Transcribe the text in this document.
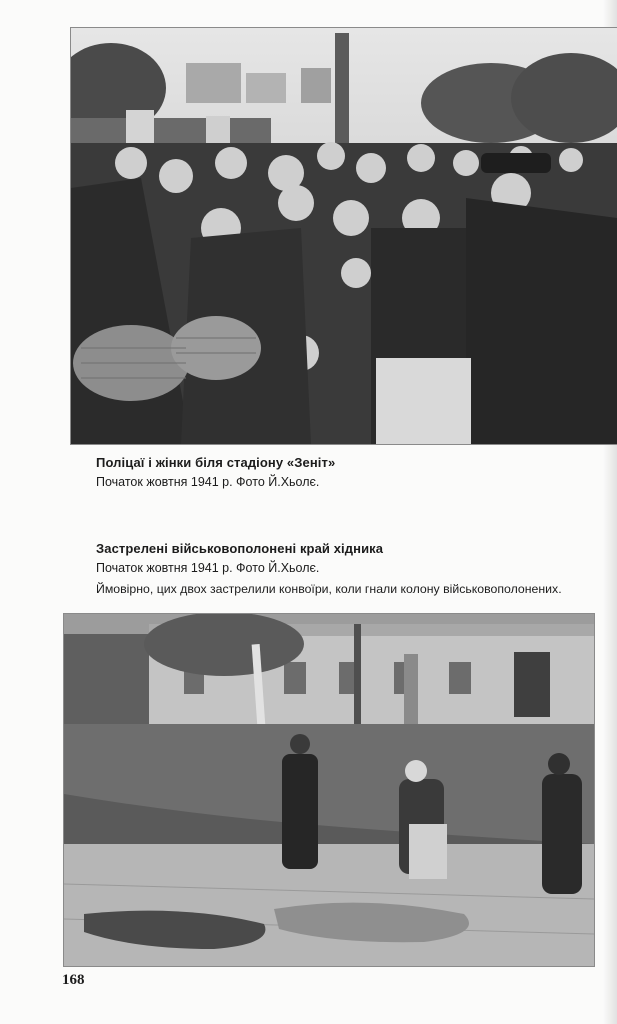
Поліцаї і жінки біля стадіону «Зеніт»
Початок жовтня 1941 р. Фото Й.Хьолє.
Застрелені військовополонені край хідника
Початок жовтня 1941 р. Фото Й.Хьолє.
Ймовірно, цих двох застрелили конвоїри, коли гнали колону військовополонених.
168
